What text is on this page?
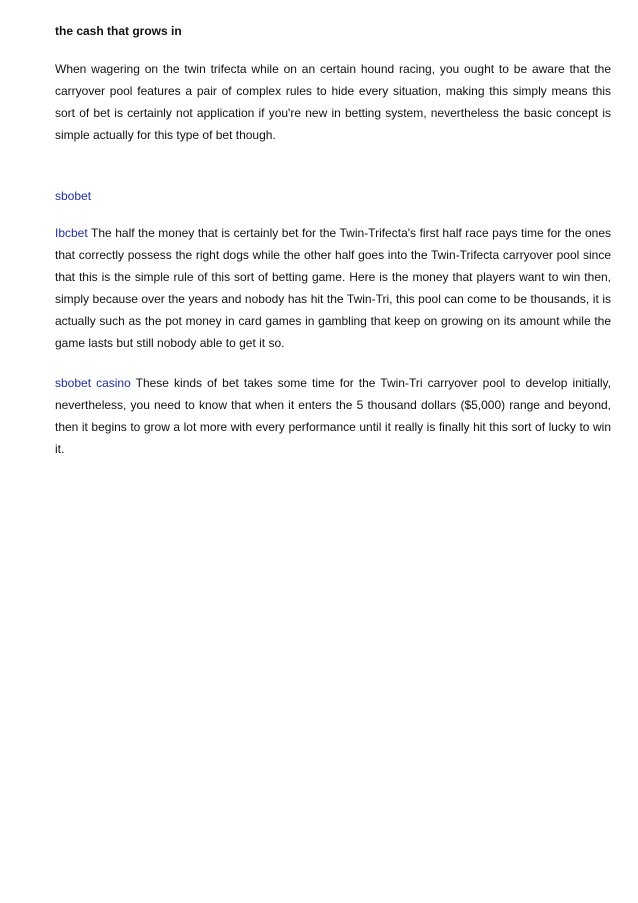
the cash that grows in

When wagering on the twin trifecta while on an certain hound racing, you ought to be aware that the carryover pool features a pair of complex rules to hide every situation, making this simply means this sort of bet is certainly not application if you're new in betting system, nevertheless the basic concept is simple actually for this type of bet though.

sbobet

Ibcbet The half the money that is certainly bet for the Twin-Trifecta's first half race pays time for the ones that correctly possess the right dogs while the other half goes into the Twin-Trifecta carryover pool since that this is the simple rule of this sort of betting game. Here is the money that players want to win then, simply because over the years and nobody has hit the Twin-Tri, this pool can come to be thousands, it is actually such as the pot money in card games in gambling that keep on growing on its amount while the game lasts but still nobody able to get it so.

sbobet casino These kinds of bet takes some time for the Twin-Tri carryover pool to develop initially, nevertheless, you need to know that when it enters the 5 thousand dollars ($5,000) range and beyond, then it begins to grow a lot more with every performance until it really is finally hit this sort of lucky to win it.
